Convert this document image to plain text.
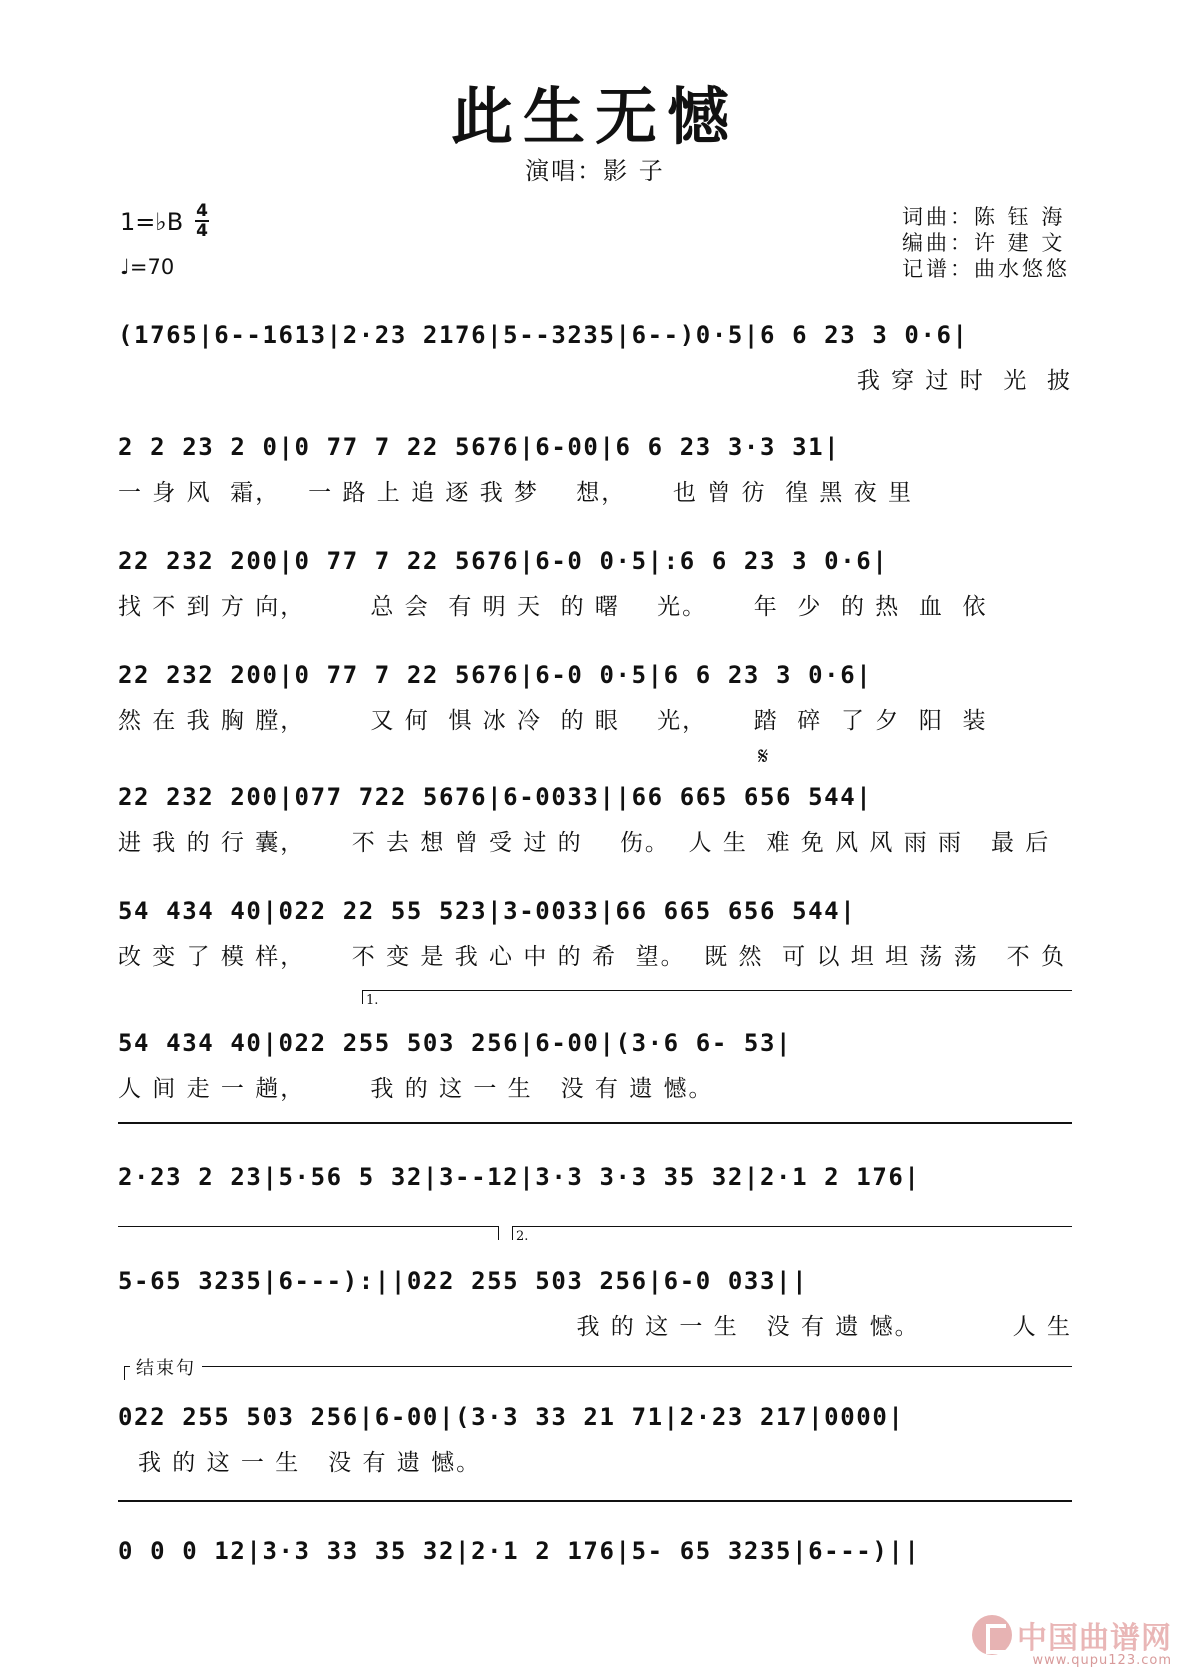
此生无憾
演唱：影 子
1=♭B 4
4
♩=70
词曲：陈 钰 海
编曲：许 建 文
记谱：曲水悠悠
(1765|6--1613|2·23 2176|5--3235|6--)0·5|6 6 23 3 0·6|
我 穿 过 时  光  披
2 2 23 2 0|0 77 7 22 5676|6-00|6 6 23 3·3 31|
一 身 风  霜，   一 路 上 追 逐 我 梦    想，     也 曾 彷  徨 黑 夜 里
22 232 200|0 77 7 22 5676|6-0 0·5|:6 6 23 3 0·6|
找 不 到 方 向，       总 会  有 明 天  的 曙    光。     年  少  的 热  血  依
22 232 200|0 77 7 22 5676|6-0 0·5|6 6 23 3 0·6|
然 在 我 胸 膛，       又 何  惧 冰 冷  的 眼    光，     踏  碎  了 夕  阳  装
𝄋
22 232 200|077 722 5676|6-0033||66 665 656 544|
进 我 的 行 囊，     不 去 想 曾 受 过 的    伤。  人 生  难 免 风 风 雨 雨   最 后
54 434 40|022 22 55 523|3-0033|66 665 656 544|
改 变 了 模 样，     不 变 是 我 心 中 的 希  望。  既 然  可 以 坦 坦 荡 荡   不 负
1.
54 434 40|022 255 503 256|6-00|(3·6 6- 53|
人 间 走 一 趟，       我 的 这 一 生   没 有 遗 憾。
2·23 2 23|5·56 5 32|3--12|3·3 3·3 35 32|2·1 2 176|
2.
5-65 3235|6---):||022 255 503 256|6-0 033||
我 的 这 一 生   没 有 遗 憾。          人 生
结束句
022 255 503 256|6-00|(3·3 33 21 71|2·23 217|0000|
我 的 这 一 生   没 有 遗 憾。
0 0 0 12|3·3 33 35 32|2·1 2 176|5- 65 3235|6---)||
中国曲谱网
www.qupu123.com
